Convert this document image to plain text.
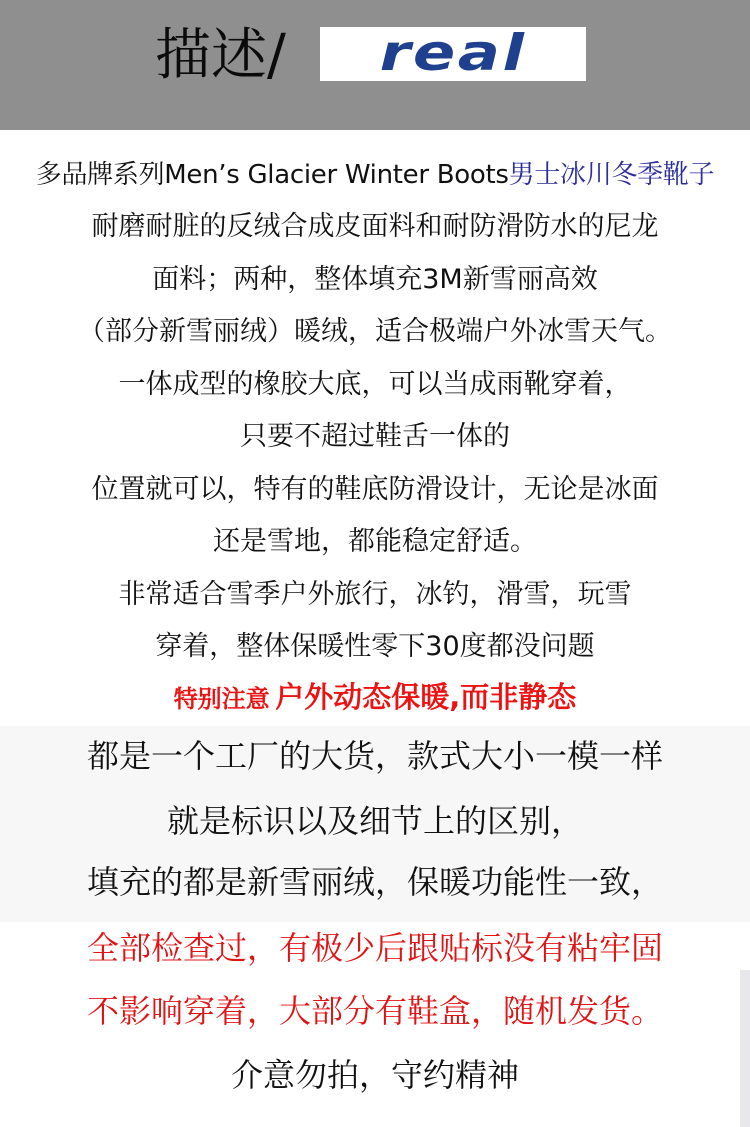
描述/ real
多品牌系列Men’s Glacier Winter Boots男士冰川冬季靴子
耐磨耐脏的反绒合成皮面料和耐防滑防水的尼龙
面料；两种，整体填充3M新雪丽高效
（部分新雪丽绒）暖绒，适合极端户外冰雪天气。
一体成型的橡胶大底，可以当成雨靴穿着，
只要不超过鞋舌一体的
位置就可以，特有的鞋底防滑设计，无论是冰面
还是雪地，都能稳定舒适。
非常适合雪季户外旅行，冰钓，滑雪，玩雪
穿着，整体保暖性零下30度都没问题
特别注意 户外动态保暖,而非静态
都是一个工厂的大货，款式大小一模一样
就是标识以及细节上的区别，
填充的都是新雪丽绒，保暖功能性一致，
全部检查过，有极少后跟贴标没有粘牢固
不影响穿着，大部分有鞋盒，随机发货。
介意勿拍，守约精神
